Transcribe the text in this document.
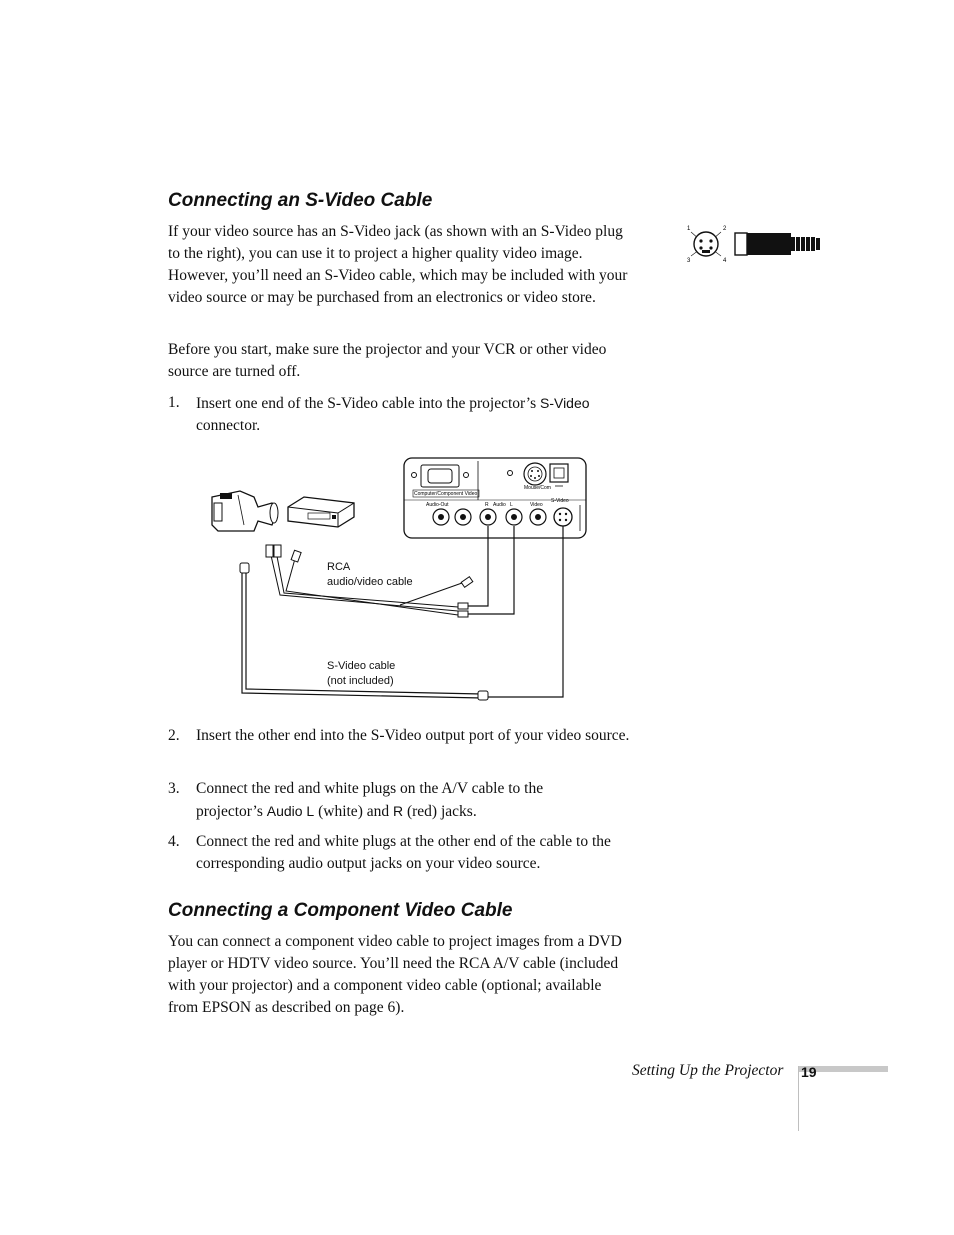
Connecting an S-Video Cable

If your video source has an S-Video jack (as shown with an S-Video plug to the right), you can use it to project a higher quality video image. However, you’ll need an S-Video cable, which may be included with your video source or may be purchased from an electronics or video store.

Before you start, make sure the projector and your VCR or other video source are turned off.

1. Insert one end of the S-Video cable into the projector’s S-Video
connector.
1	2
3	4
Computer/Component Video
Mouse/Com
Audio-Out	R Audio L	Video
S-Video
RCA
audio/video cable
S-Video cable
(not included)
2. Insert the other end into the S-Video output port of your video source.
3. Connect the red and white plugs on the A/V cable to the projector’s Audio L (white) and R (red) jacks.
4. Connect the red and white plugs at the other end of the cable to the corresponding audio output jacks on your video source.
Connecting a Component Video Cable

You can connect a component video cable to project images from a DVD player or HDTV video source. You’ll need the RCA A/V cable (included with your projector) and a component video cable (optional; available from EPSON as described on page 6).

Setting Up the Projector 19
